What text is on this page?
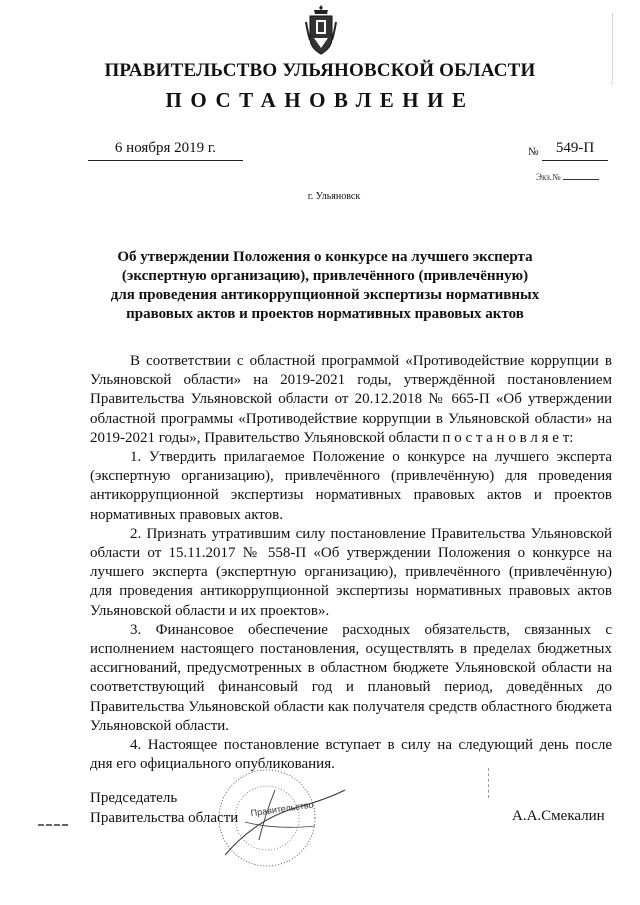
ПРАВИТЕЛЬСТВО УЛЬЯНОВСКОЙ ОБЛАСТИ
ПОСТАНОВЛЕНИЕ
6 ноября 2019 г.	№	549-П
Экз.№
г. Ульяновск
Об утверждении Положения о конкурсе на лучшего эксперта (экспертную организацию), привлечённого (привлечённую) для проведения антикоррупционной экспертизы нормативных правовых актов и проектов нормативных правовых актов

В соответствии с областной программой «Противодействие коррупции в Ульяновской области» на 2019-2021 годы, утверждённой постановлением Правительства Ульяновской области от 20.12.2018 № 665-П «Об утверждении областной программы «Противодействие коррупции в Ульяновской области» на 2019-2021 годы», Правительство Ульяновской области п о с т а н о в л я е т:

1. Утвердить прилагаемое Положение о конкурсе на лучшего эксперта (экспертную организацию), привлечённого (привлечённую) для проведения антикоррупционной экспертизы нормативных правовых актов и проектов нормативных правовых актов.

2. Признать утратившим силу постановление Правительства Ульяновской области от 15.11.2017 № 558-П «Об утверждении Положения о конкурсе на лучшего эксперта (экспертную организацию), привлечённого (привлечённую) для проведения антикоррупционной экспертизы нормативных правовых актов Ульяновской области и их проектов».

3. Финансовое обеспечение расходных обязательств, связанных с исполнением настоящего постановления, осуществлять в пределах бюджетных ассигнований, предусмотренных в областном бюджете Ульяновской области на соответствующий финансовый год и плановый период, доведённых до Правительства Ульяновской области как получателя средств областного бюджета Ульяновской области.

4. Настоящее постановление вступает в силу на следующий день после дня его официального опубликования.

Правительство
Председатель
Правительства области	А.А.Смекалин
